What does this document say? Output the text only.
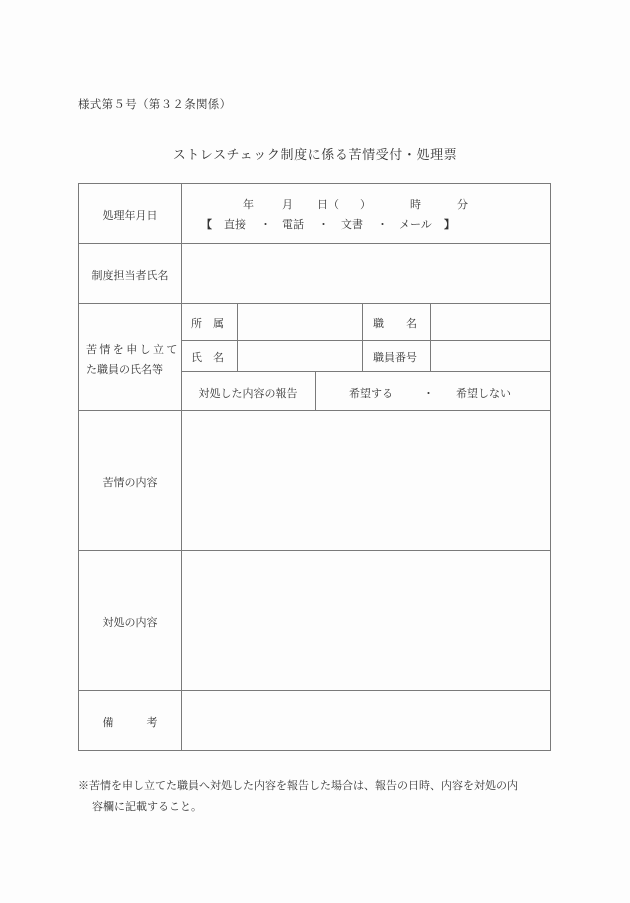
様式第５号（第３２条関係）
ストレスチェック制度に係る苦情受付・処理票
処理年月日
年	月 日（ ）	時	分
【 直接 ・ 電話 ・ 文書 ・ メール 】
制度担当者氏名
苦情を申し立て
た職員の氏名等
所　属	職　　名
氏　名	職員番号
対処した内容の報告	希望する	・ 希望しない
苦情の内容
対処の内容
備　　　考
※苦情を申し立てた職員へ対処した内容を報告した場合は、報告の日時、内容を対処の内
容欄に記載すること。
